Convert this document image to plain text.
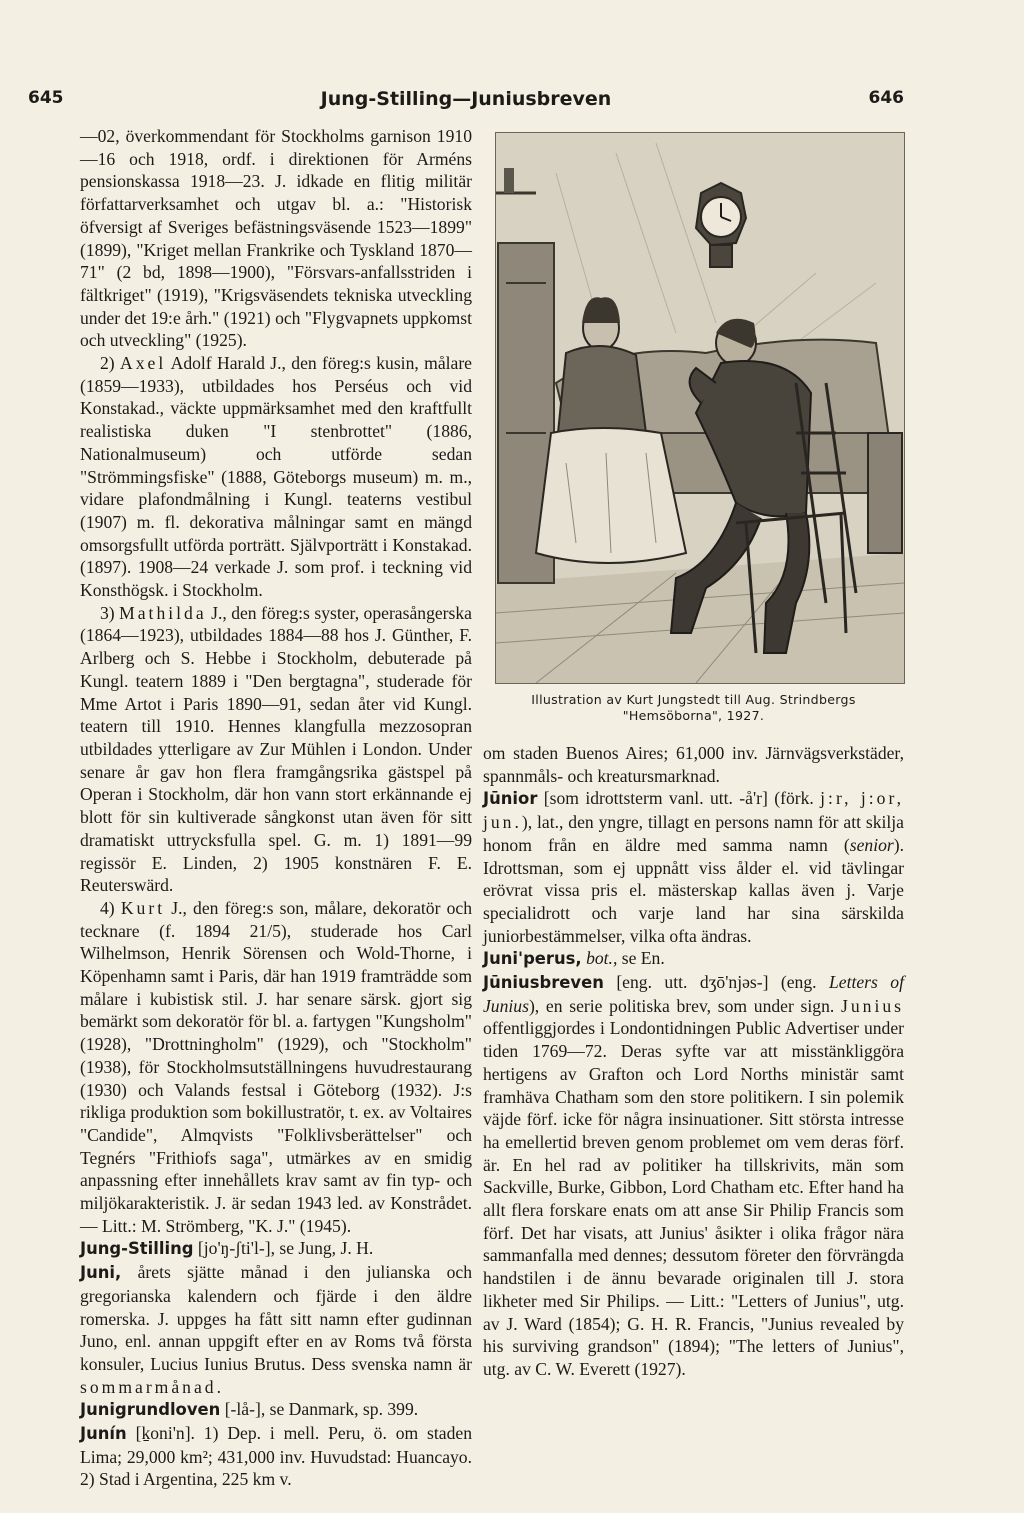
645	Jung-Stilling—Juniusbreven	646

—02, överkommendant för Stockholms garnison 1910—16 och 1918, ordf. i direktionen för Arméns pensionskassa 1918—23. J. idkade en flitig militär författarverksamhet och utgav bl. a.: "Historisk öfversigt af Sveriges befästningsväsende 1523—1899" (1899), "Kriget mellan Frankrike och Tyskland 1870—71" (2 bd, 1898—1900), "Försvars-anfallsstriden i fältkriget" (1919), "Krigsväsendets tekniska utveckling under det 19:e årh." (1921) och "Flygvapnets uppkomst och utveckling" (1925).

2) Axel Adolf Harald J., den föreg:s kusin, målare (1859—1933), utbildades hos Perséus och vid Konstakad., väckte uppmärksamhet med den kraftfullt realistiska duken "I stenbrottet" (1886, Nationalmuseum) och utförde sedan "Strömmingsfiske" (1888, Göteborgs museum) m. m., vidare plafondmålning i Kungl. teaterns vestibul (1907) m. fl. dekorativa målningar samt en mängd omsorgsfullt utförda porträtt. Självporträtt i Konstakad. (1897). 1908—24 verkade J. som prof. i teckning vid Konsthögsk. i Stockholm.

3) Mathilda J., den föreg:s syster, operasångerska (1864—1923), utbildades 1884—88 hos J. Günther, F. Arlberg och S. Hebbe i Stockholm, debuterade på Kungl. teatern 1889 i "Den bergtagna", studerade för Mme Artot i Paris 1890—91, sedan åter vid Kungl. teatern till 1910. Hennes klangfulla mezzosopran utbildades ytterligare av Zur Mühlen i London. Under senare år gav hon flera framgångsrika gästspel på Operan i Stockholm, där hon vann stort erkännande ej blott för sin kultiverade sångkonst utan även för sitt dramatiskt uttrycksfulla spel. G. m. 1) 1891—99 regissör E. Linden, 2) 1905 konstnären F. E. Reuterswärd.

4) Kurt J., den föreg:s son, målare, dekoratör och tecknare (f. 1894 21/5), studerade hos Carl Wilhelmson, Henrik Sörensen och Wold-Thorne, i Köpenhamn samt i Paris, där han 1919 framträdde som målare i kubistisk stil. J. har senare särsk. gjort sig bemärkt som dekoratör för bl. a. fartygen "Kungsholm" (1928), "Drottningholm" (1929), och "Stockholm" (1938), för Stockholmsutställningens huvudrestaurang (1930) och Valands festsal i Göteborg (1932). J:s rikliga produktion som bokillustratör, t. ex. av Voltaires "Candide", Almqvists "Folklivsberättelser" och Tegnérs "Frithiofs saga", utmärkes av en smidig anpassning efter innehållets krav samt av fin typ- och miljökarakteristik. J. är sedan 1943 led. av Konstrådet. — Litt.: M. Strömberg, "K. J." (1945).

Jung-Stilling [jo'ŋ-ʃti'l-], se Jung, J. H.

Juni, årets sjätte månad i den julianska och gregorianska kalendern och fjärde i den äldre romerska. J. uppges ha fått sitt namn efter gudinnan Juno, enl. annan uppgift efter en av Roms två första konsuler, Lucius Iunius Brutus. Dess svenska namn är sommarmånad.

Junigrundloven [-lå-], se Danmark, sp. 399.

Junín [ḵoni'n]. 1) Dep. i mell. Peru, ö. om staden Lima; 29,000 km²; 431,000 inv. Huvudstad: Huancayo. 2) Stad i Argentina, 225 km v.

Illustration av Kurt Jungstedt till Aug. Strindbergs "Hemsöborna", 1927.

om staden Buenos Aires; 61,000 inv. Järnvägsverkstäder, spannmåls- och kreatursmarknad.

Jūnior [som idrottsterm vanl. utt. -å'r] (förk. j:r, j:or, jun.), lat., den yngre, tillagt en persons namn för att skilja honom från en äldre med samma namn (senior). Idrottsman, som ej uppnått viss ålder el. vid tävlingar erövrat vissa pris el. mästerskap kallas även j. Varje specialidrott och varje land har sina särskilda juniorbestämmelser, vilka ofta ändras.

Juni'perus, bot., se En.

Jūniusbreven [eng. utt. dʒō'njəs-] (eng. Letters of Junius), en serie politiska brev, som under sign. Junius offentliggjordes i Londontidningen Public Advertiser under tiden 1769—72. Deras syfte var att misstänkliggöra hertigens av Grafton och Lord Norths ministär samt framhäva Chatham som den store politikern. I sin polemik väjde förf. icke för några insinuationer. Sitt största intresse ha emellertid breven genom problemet om vem deras förf. är. En hel rad av politiker ha tillskrivits, män som Sackville, Burke, Gibbon, Lord Chatham etc. Efter hand ha allt flera forskare enats om att anse Sir Philip Francis som förf. Det har visats, att Junius' åsikter i olika frågor nära sammanfalla med dennes; dessutom företer den förvrängda handstilen i de ännu bevarade originalen till J. stora likheter med Sir Philips. — Litt.: "Letters of Junius", utg. av J. Ward (1854); G. H. R. Francis, "Junius revealed by his surviving grandson" (1894); "The letters of Junius", utg. av C. W. Everett (1927).
